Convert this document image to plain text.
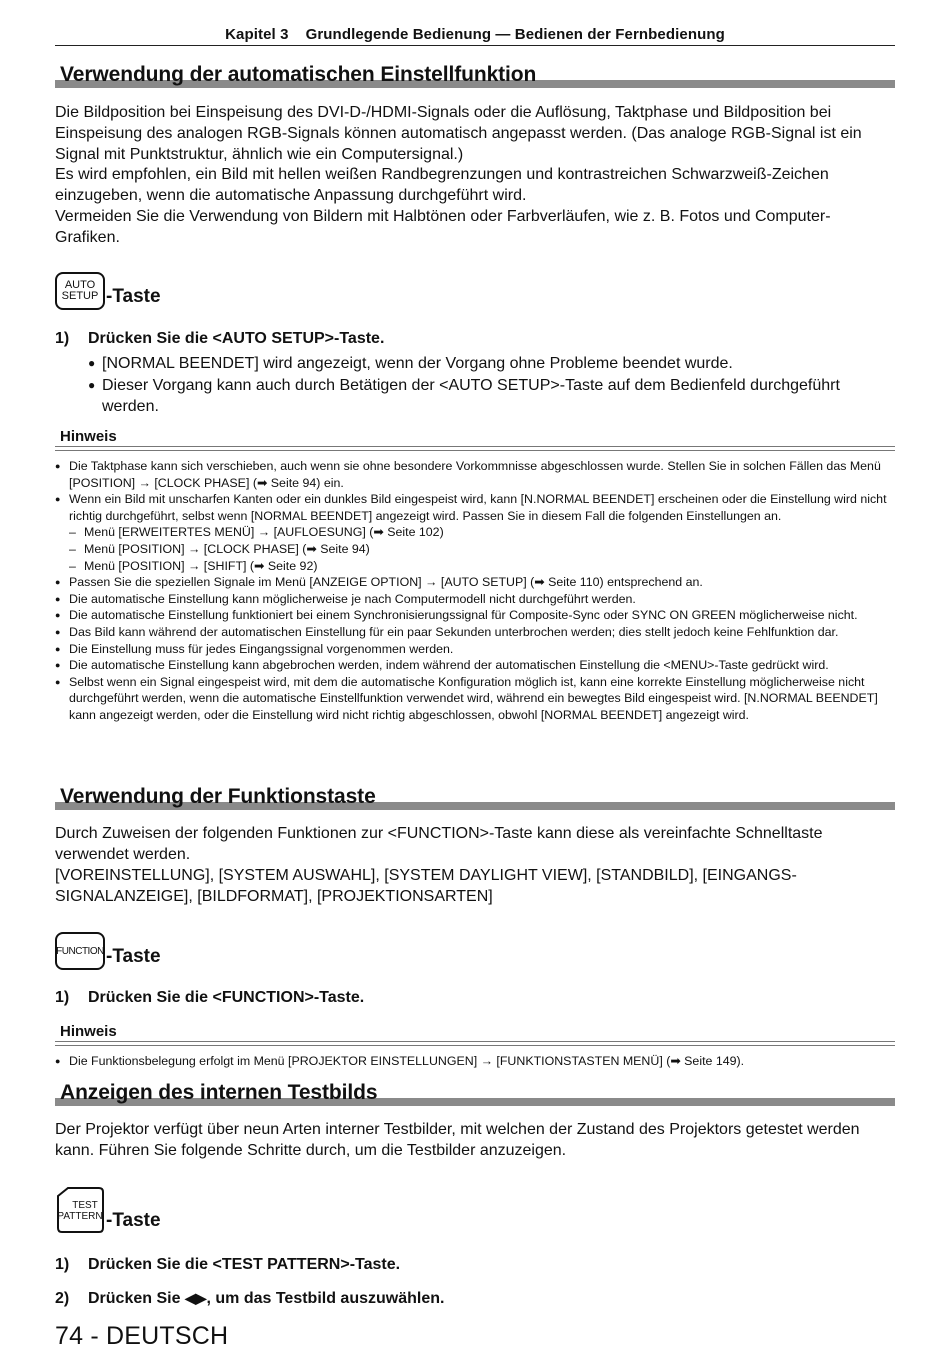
Kapitel 3    Grundlegende Bedienung — Bedienen der Fernbedienung
Verwendung der automatischen Einstellfunktion
Die Bildposition bei Einspeisung des DVI-D-/HDMI-Signals oder die Auflösung, Taktphase und Bildposition bei Einspeisung des analogen RGB-Signals können automatisch angepasst werden. (Das analoge RGB-Signal ist ein Signal mit Punktstruktur, ähnlich wie ein Computersignal.)
Es wird empfohlen, ein Bild mit hellen weißen Randbegrenzungen und kontrastreichen Schwarzweiß-Zeichen einzugeben, wenn die automatische Anpassung durchgeführt wird.
Vermeiden Sie die Verwendung von Bildern mit Halbtönen oder Farbverläufen, wie z. B. Fotos und Computer-Grafiken.
AUTO
SETUP -Taste
1) Drücken Sie die <AUTO SETUP>-Taste.
● [NORMAL BEENDET] wird angezeigt, wenn der Vorgang ohne Probleme beendet wurde.
● Dieser Vorgang kann auch durch Betätigen der <AUTO SETUP>-Taste auf dem Bedienfeld durchgeführt werden.
Hinweis
● Die Taktphase kann sich verschieben, auch wenn sie ohne besondere Vorkommnisse abgeschlossen wurde. Stellen Sie in solchen Fällen das Menü [POSITION] → [CLOCK PHASE] (➡ Seite 94) ein.
● Wenn ein Bild mit unscharfen Kanten oder ein dunkles Bild eingespeist wird, kann [N.NORMAL BEENDET] erscheinen oder die Einstellung wird nicht richtig durchgeführt, selbst wenn [NORMAL BEENDET] angezeigt wird. Passen Sie in diesem Fall die folgenden Einstellungen an.
– Menü [ERWEITERTES MENÜ] → [AUFLOESUNG] (➡ Seite 102)
– Menü [POSITION] → [CLOCK PHASE] (➡ Seite 94)
– Menü [POSITION] → [SHIFT] (➡ Seite 92)
● Passen Sie die speziellen Signale im Menü [ANZEIGE OPTION] → [AUTO SETUP] (➡ Seite 110) entsprechend an.
● Die automatische Einstellung kann möglicherweise je nach Computermodell nicht durchgeführt werden.
● Die automatische Einstellung funktioniert bei einem Synchronisierungssignal für Composite-Sync oder SYNC ON GREEN möglicherweise nicht.
● Das Bild kann während der automatischen Einstellung für ein paar Sekunden unterbrochen werden; dies stellt jedoch keine Fehlfunktion dar.
● Die Einstellung muss für jedes Eingangssignal vorgenommen werden.
● Die automatische Einstellung kann abgebrochen werden, indem während der automatischen Einstellung die <MENU>-Taste gedrückt wird.
● Selbst wenn ein Signal eingespeist wird, mit dem die automatische Konfiguration möglich ist, kann eine korrekte Einstellung möglicherweise nicht durchgeführt werden, wenn die automatische Einstellfunktion verwendet wird, während ein bewegtes Bild eingespeist wird. [N.NORMAL BEENDET] kann angezeigt werden, oder die Einstellung wird nicht richtig abgeschlossen, obwohl [NORMAL BEENDET] angezeigt wird.
Verwendung der Funktionstaste
Durch Zuweisen der folgenden Funktionen zur <FUNCTION>-Taste kann diese als vereinfachte Schnelltaste verwendet werden.
[VOREINSTELLUNG], [SYSTEM AUSWAHL], [SYSTEM DAYLIGHT VIEW], [STANDBILD], [EINGANGS-SIGNALANZEIGE], [BILDFORMAT], [PROJEKTIONSARTEN]
FUNCTION -Taste
1) Drücken Sie die <FUNCTION>-Taste.
Hinweis
● Die Funktionsbelegung erfolgt im Menü [PROJEKTOR EINSTELLUNGEN] → [FUNKTIONSTASTEN MENÜ] (➡ Seite 149).
Anzeigen des internen Testbilds
Der Projektor verfügt über neun Arten interner Testbilder, mit welchen der Zustand des Projektors getestet werden kann. Führen Sie folgende Schritte durch, um die Testbilder anzuzeigen.
TEST
PATTERN -Taste
1) Drücken Sie die <TEST PATTERN>-Taste.
2) Drücken Sie ◀▶, um das Testbild auszuwählen.
74 - DEUTSCH
